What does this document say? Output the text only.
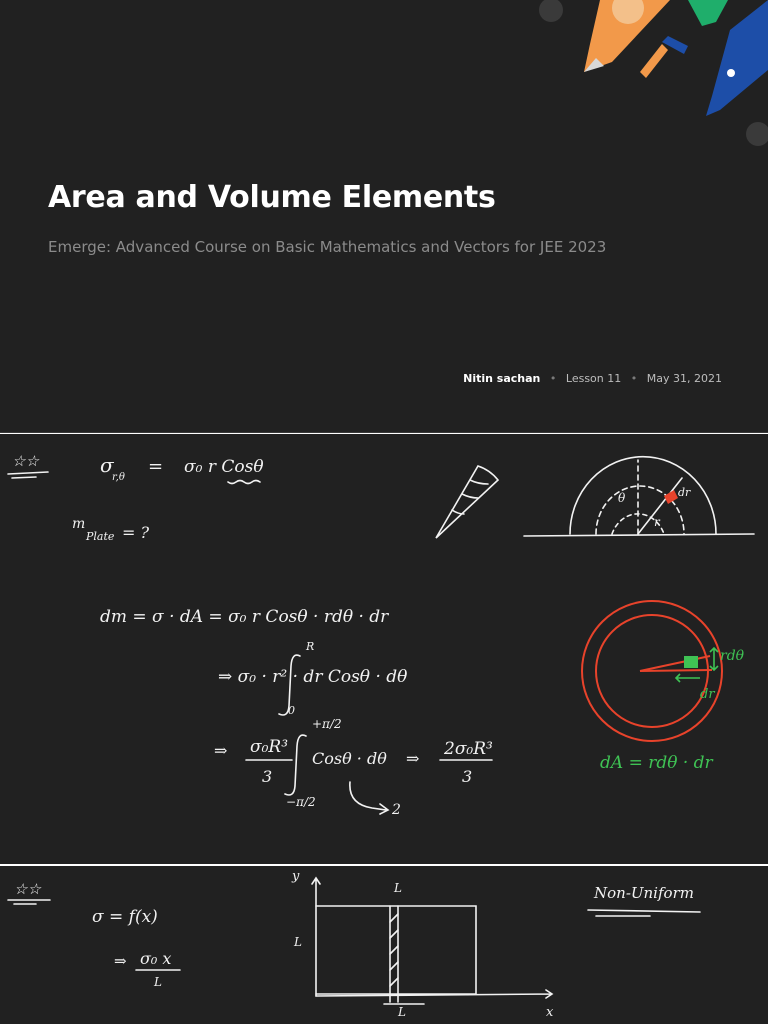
Area and Volume Elements
Emerge: Advanced Course on Basic Mathematics and Vectors for JEE 2023
Nitin sachan • Lesson 11 • May 31, 2021
☆☆	σ
r,θ
= σ₀ r Cosθ
m
Plate = ?
dm = σ · dA = σ₀ r Cosθ · rdθ · dr
R
0
⇒ σ₀ · r² · dr Cosθ · dθ
⇒ σ₀R³
3
+π/2
−π/2
Cosθ · dθ ⇒ 2σ₀R³
3
2
θ
r
dr
rdθ
dr
dA = rdθ · dr
☆☆
σ = f(x)
⇒ σ₀ x
L
y
x
L
L
L
Non-Uniform
